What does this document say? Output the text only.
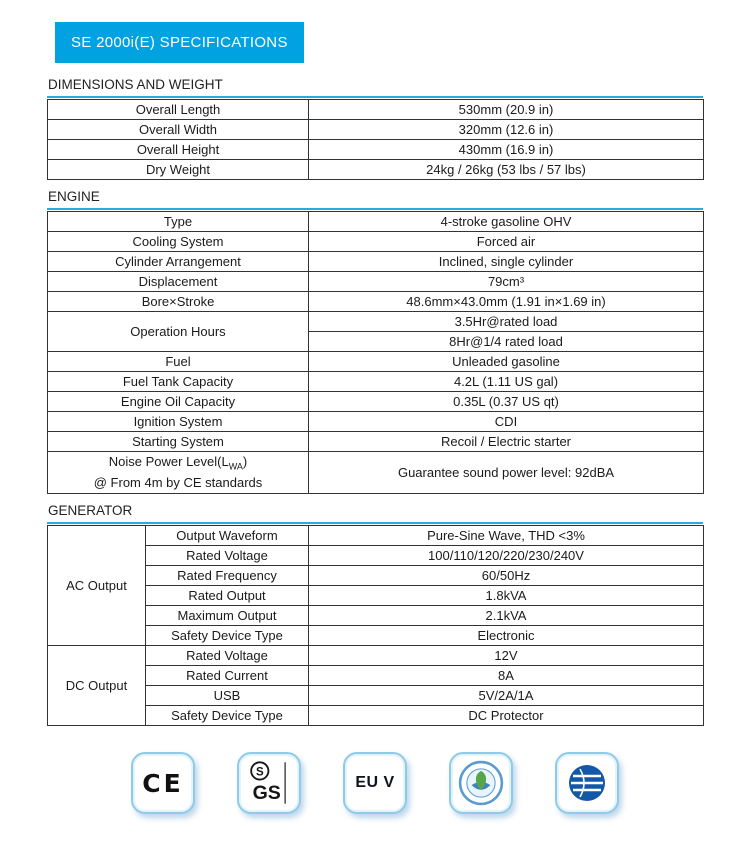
SE 2000i(E) SPECIFICATIONS
DIMENSIONS AND WEIGHT
Overall Length	530mm (20.9 in)
Overall Width	320mm (12.6 in)
Overall Height	430mm (16.9 in)
Dry Weight	24kg / 26kg (53 lbs / 57 lbs)
ENGINE
Type	4-stroke gasoline OHV
Cooling System	Forced air
Cylinder Arrangement	Inclined, single cylinder
Displacement	79cm³
Bore×Stroke	48.6mm×43.0mm (1.91 in×1.69 in)
Operation Hours	3.5Hr@rated load
	8Hr@1/4 rated load
Fuel	Unleaded gasoline
Fuel Tank Capacity	4.2L (1.11 US gal)
Engine Oil Capacity	0.35L (0.37 US qt)
Ignition System	CDI
Starting System	Recoil / Electric starter

Noise Power $Level(L_{WA})$
@ From 4m by CE standards	Guarantee sound power level: 92dBA
GENERATOR
AC Output	Output Waveform	Pure-Sine Wave, THD <3%
	Rated Voltage	100/110/120/220/230/240V
	Rated Frequency	60/50Hz
	Rated Output	1.8kVA
	Maximum Output	2.1kVA
	Safety Device Type	Electronic
DC Output	Rated Voltage	12V
	Rated Current	8A
	USB	5V/2A/1A
	Safety Device Type	DC Protector
CE	S
GS	EU V
